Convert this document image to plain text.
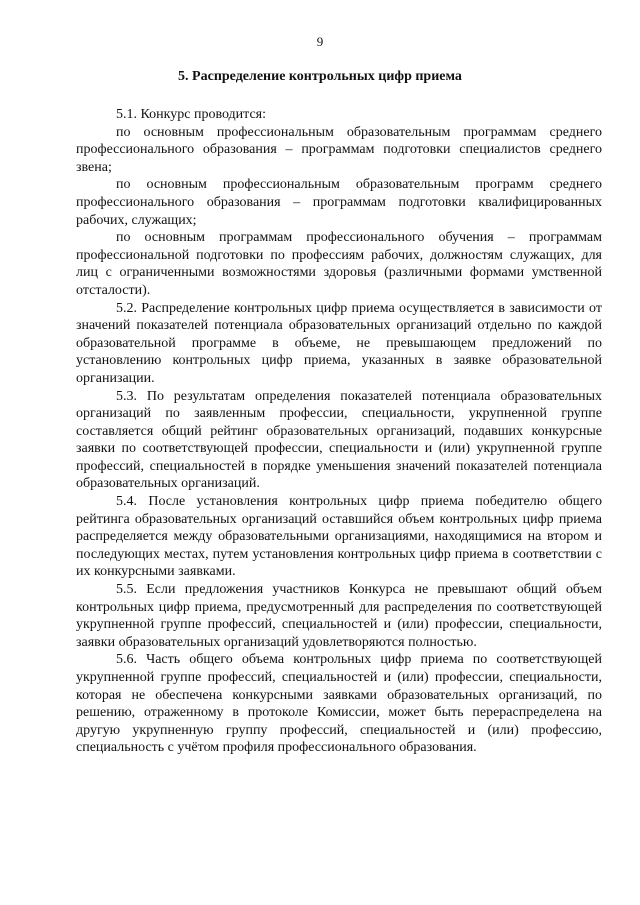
9
5. Распределение контрольных цифр приема

5.1. Конкурс проводится:

по основным профессиональным образовательным программам среднего профессионального образования – программам подготовки специалистов среднего звена;

по основным профессиональным образовательным программ среднего профессионального образования – программам подготовки квалифицированных рабочих, служащих;

по основным программам профессионального обучения – программам профессиональной подготовки по профессиям рабочих, должностям служащих, для лиц с ограниченными возможностями здоровья (различными формами умственной отсталости).

5.2. Распределение контрольных цифр приема осуществляется в зависимости от значений показателей потенциала образовательных организаций отдельно по каждой образовательной программе в объеме, не превышающем предложений по установлению контрольных цифр приема, указанных в заявке образовательной организации.

5.3. По результатам определения показателей потенциала образовательных организаций по заявленным профессии, специальности, укрупненной группе составляется общий рейтинг образовательных организаций, подавших конкурсные заявки по соответствующей профессии, специальности и (или) укрупненной группе профессий, специальностей в порядке уменьшения значений показателей потенциала образовательных организаций.

5.4. После установления контрольных цифр приема победителю общего рейтинга образовательных организаций оставшийся объем контрольных цифр приема распределяется между образовательными организациями, находящимися на втором и последующих местах, путем установления контрольных цифр приема в соответствии с их конкурсными заявками.

5.5. Если предложения участников Конкурса не превышают общий объем контрольных цифр приема, предусмотренный для распределения по соответствующей укрупненной группе профессий, специальностей и (или) профессии, специальности, заявки образовательных организаций удовлетворяются полностью.

5.6. Часть общего объема контрольных цифр приема по соответствующей укрупненной группе профессий, специальностей и (или) профессии, специальности, которая не обеспечена конкурсными заявками образовательных организаций, по решению, отраженному в протоколе Комиссии, может быть перераспределена на другую укрупненную группу профессий, специальностей и (или) профессию, специальность с учётом профиля профессионального образования.
